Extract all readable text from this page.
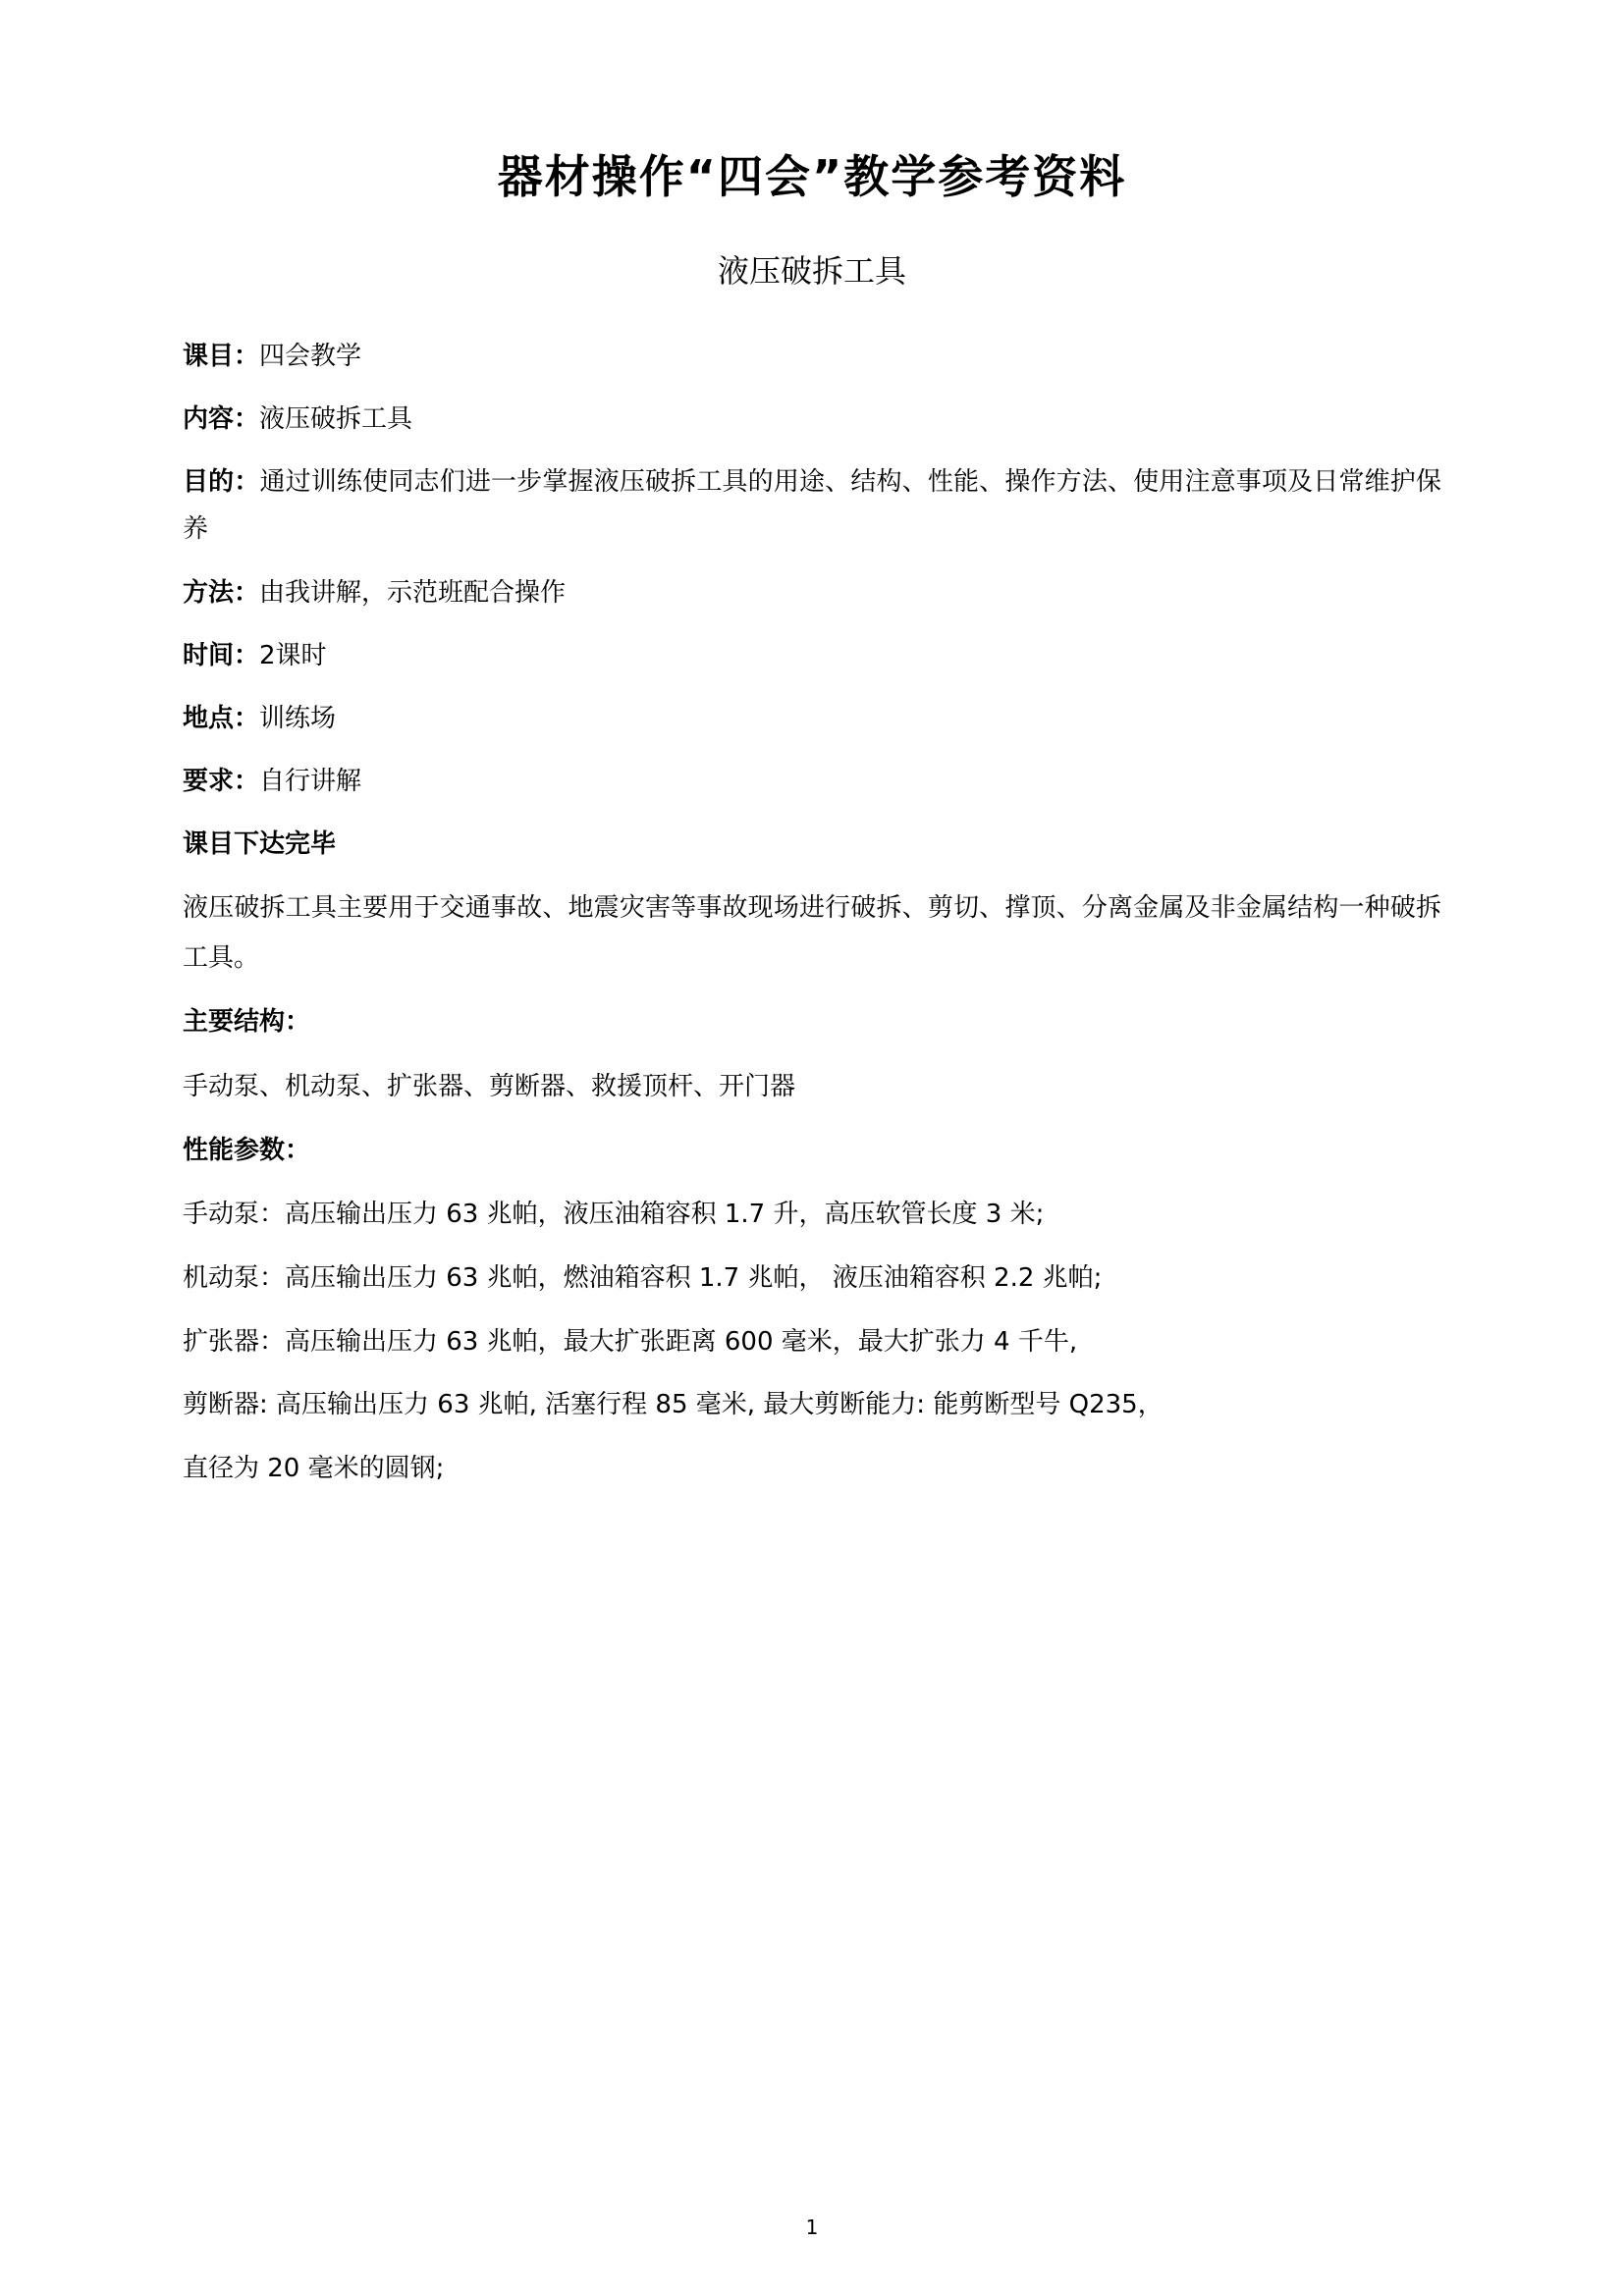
器材操作“四会”教学参考资料
液压破拆工具

课目：四会教学

内容：液压破拆工具

目的：通过训练使同志们进一步掌握液压破拆工具的用途、结构、性能、操作方法、使用注意事项及日常维护保养

方法：由我讲解，示范班配合操作

时间：2课时

地点：训练场

要求：自行讲解

课目下达完毕

液压破拆工具主要用于交通事故、地震灾害等事故现场进行破拆、剪切、撑顶、分离金属及非金属结构一种破拆工具。

主要结构：

手动泵、机动泵、扩张器、剪断器、救援顶杆、开门器

性能参数：

手动泵：高压输出压力 63 兆帕，液压油箱容积 1.7 升，高压软管长度 3 米;

机动泵：高压输出压力 63 兆帕，燃油箱容积 1.7 兆帕， 液压油箱容积 2.2 兆帕;

扩张器：高压输出压力 63 兆帕，最大扩张距离 600 毫米，最大扩张力 4 千牛,

剪断器: 高压输出压力 63 兆帕, 活塞行程 85 毫米, 最大剪断能力: 能剪断型号 Q235，

直径为 20 毫米的圆钢;

1
